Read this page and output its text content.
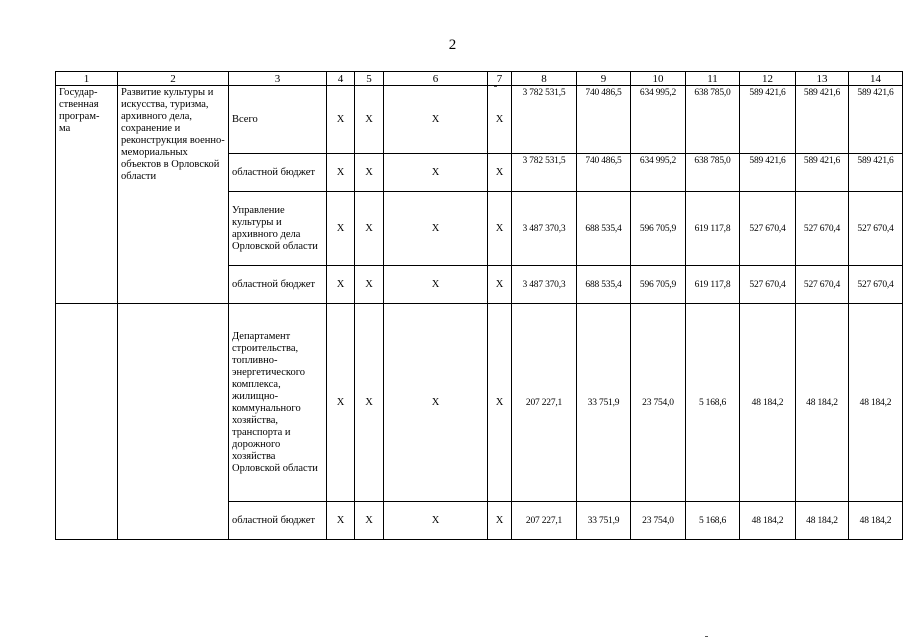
2
1	2	3	4	5	6	7	8	9	10	11	12	13	14
Государ-
ственная
програм-
ма	Развитие культуры и искусства, туризма, архивного дела, сохранение и реконструкция военно-мемориальных объектов в Орловской области	Всего	X	X	X	X	3 782 531,5	740 486,5	634 995,2	638 785,0	589 421,6	589 421,6	589 421,6
		областной бюджет	X	X	X	X	3 782 531,5	740 486,5	634 995,2	638 785,0	589 421,6	589 421,6	589 421,6
		Управление культуры и архивного дела Орловской области	X	X	X	X	3 487 370,3	688 535,4	596 705,9	619 117,8	527 670,4	527 670,4	527 670,4
		областной бюджет	X	X	X	X	3 487 370,3	688 535,4	596 705,9	619 117,8	527 670,4	527 670,4	527 670,4
		Департамент строительства, топливно-энергетического комплекса, жилищно-коммунального хозяйства, транспорта и дорожного хозяйства Орловской области	X	X	X	X	207 227,1	33 751,9	23 754,0	5 168,6	48 184,2	48 184,2	48 184,2
		областной бюджет	X	X	X	X	207 227,1	33 751,9	23 754,0	5 168,6	48 184,2	48 184,2	48 184,2
